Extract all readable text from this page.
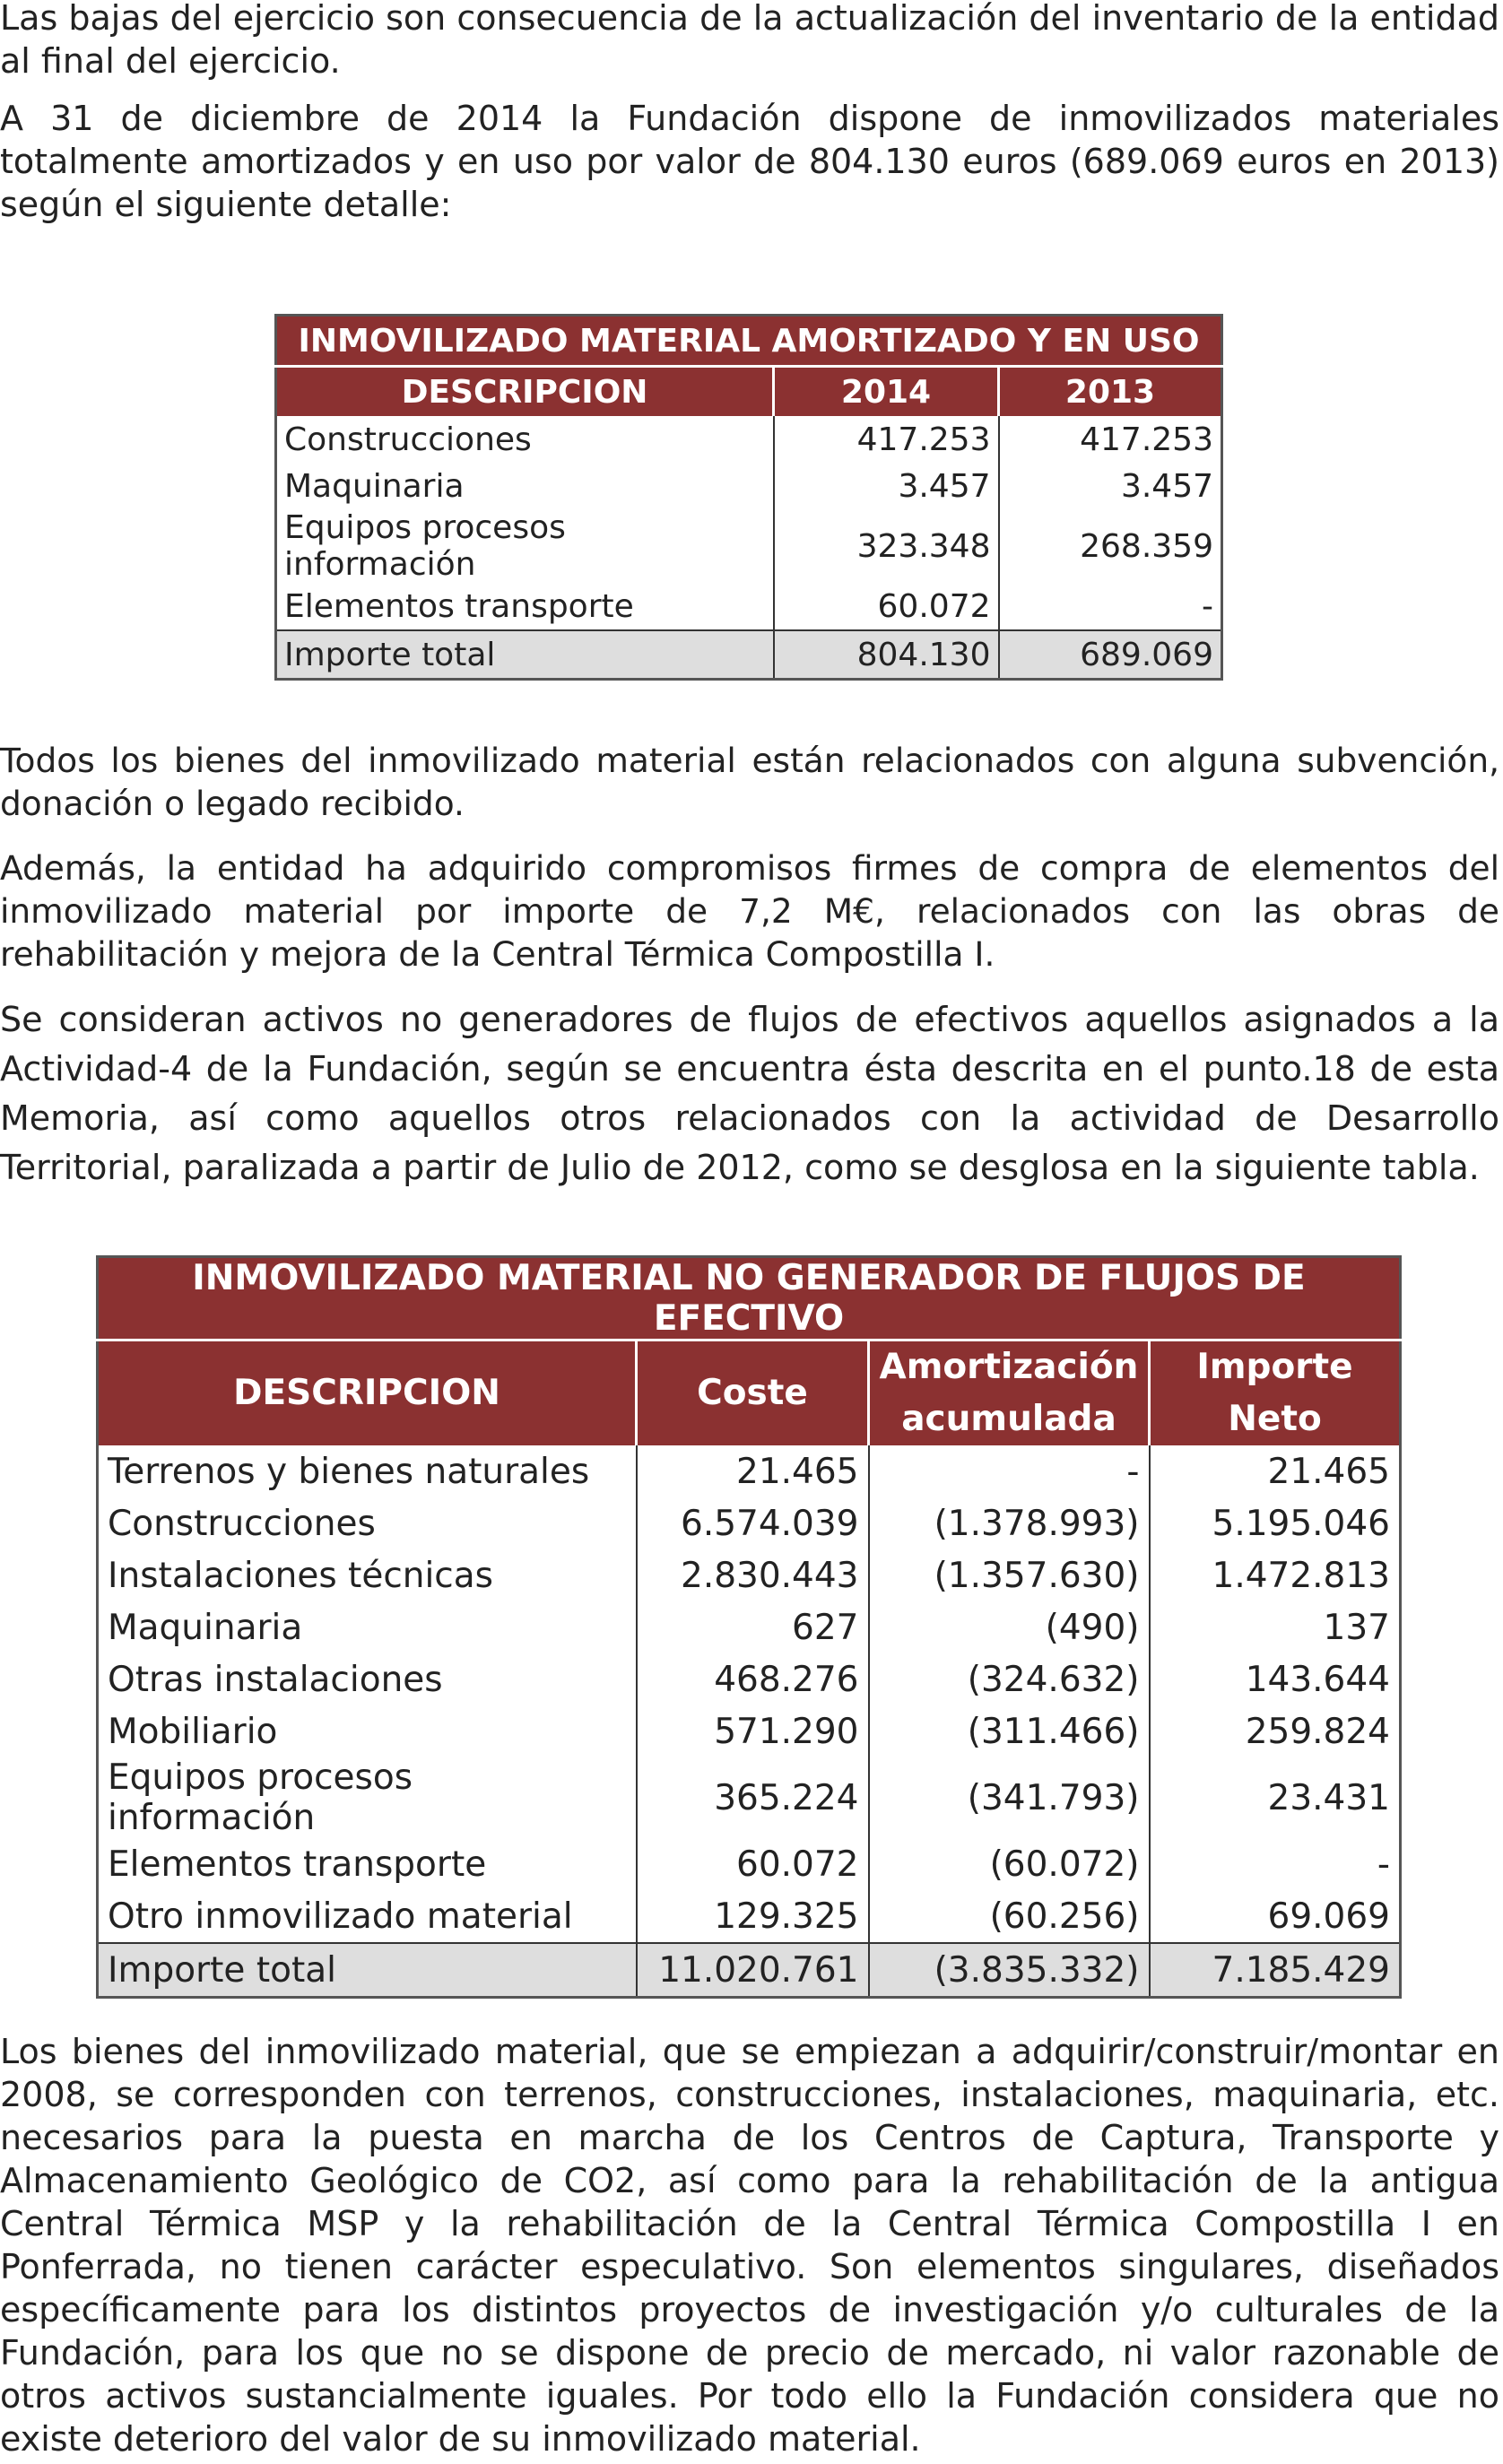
Las bajas del ejercicio son consecuencia de la actualización del inventario de la entidad al final del ejercicio.

A 31 de diciembre de 2014 la Fundación dispone de inmovilizados materiales totalmente amortizados y en uso por valor de 804.130 euros (689.069 euros en 2013) según el siguiente detalle:

INMOVILIZADO MATERIAL AMORTIZADO Y EN USO		
DESCRIPCION	2014	2013
Construcciones	417.253	417.253
Maquinaria	3.457	3.457
Equipos procesos información	323.348	268.359
Elementos transporte	60.072	-
Importe total	804.130	689.069

Todos los bienes del inmovilizado material están relacionados con alguna subvención, donación o legado recibido.

Además, la entidad ha adquirido compromisos firmes de compra de elementos del inmovilizado material por importe de 7,2 M€, relacionados con las obras de rehabilitación y mejora de la Central Térmica Compostilla I.

Se consideran activos no generadores de flujos de efectivos aquellos asignados a la Actividad-4 de la Fundación, según se encuentra ésta descrita en el punto.18 de esta Memoria, así como aquellos otros relacionados con la actividad de Desarrollo Territorial, paralizada a partir de Julio de 2012, como se desglosa en la siguiente tabla.

INMOVILIZADO MATERIAL NO GENERADOR DE FLUJOS DE EFECTIVO			
DESCRIPCION	Coste	Amortización acumulada	Importe Neto
Terrenos y bienes naturales	21.465	-	21.465
Construcciones	6.574.039	(1.378.993)	5.195.046
Instalaciones técnicas	2.830.443	(1.357.630)	1.472.813
Maquinaria	627	(490)	137
Otras instalaciones	468.276	(324.632)	143.644
Mobiliario	571.290	(311.466)	259.824
Equipos procesos información	365.224	(341.793)	23.431
Elementos transporte	60.072	(60.072)	-
Otro inmovilizado material	129.325	(60.256)	69.069
Importe total	11.020.761	(3.835.332)	7.185.429

Los bienes del inmovilizado material, que se empiezan a adquirir/construir/montar en 2008, se corresponden con terrenos, construcciones, instalaciones, maquinaria, etc. necesarios para la puesta en marcha de los Centros de Captura, Transporte y Almacenamiento Geológico de CO2, así como para la rehabilitación de la antigua Central Térmica MSP y la rehabilitación de la Central Térmica Compostilla I en Ponferrada, no tienen carácter especulativo. Son elementos singulares, diseñados específicamente para los distintos proyectos de investigación y/o culturales de la Fundación, para los que no se dispone de precio de mercado, ni valor razonable de otros activos sustancialmente iguales. Por todo ello la Fundación considera que no existe deterioro del valor de su inmovilizado material.
